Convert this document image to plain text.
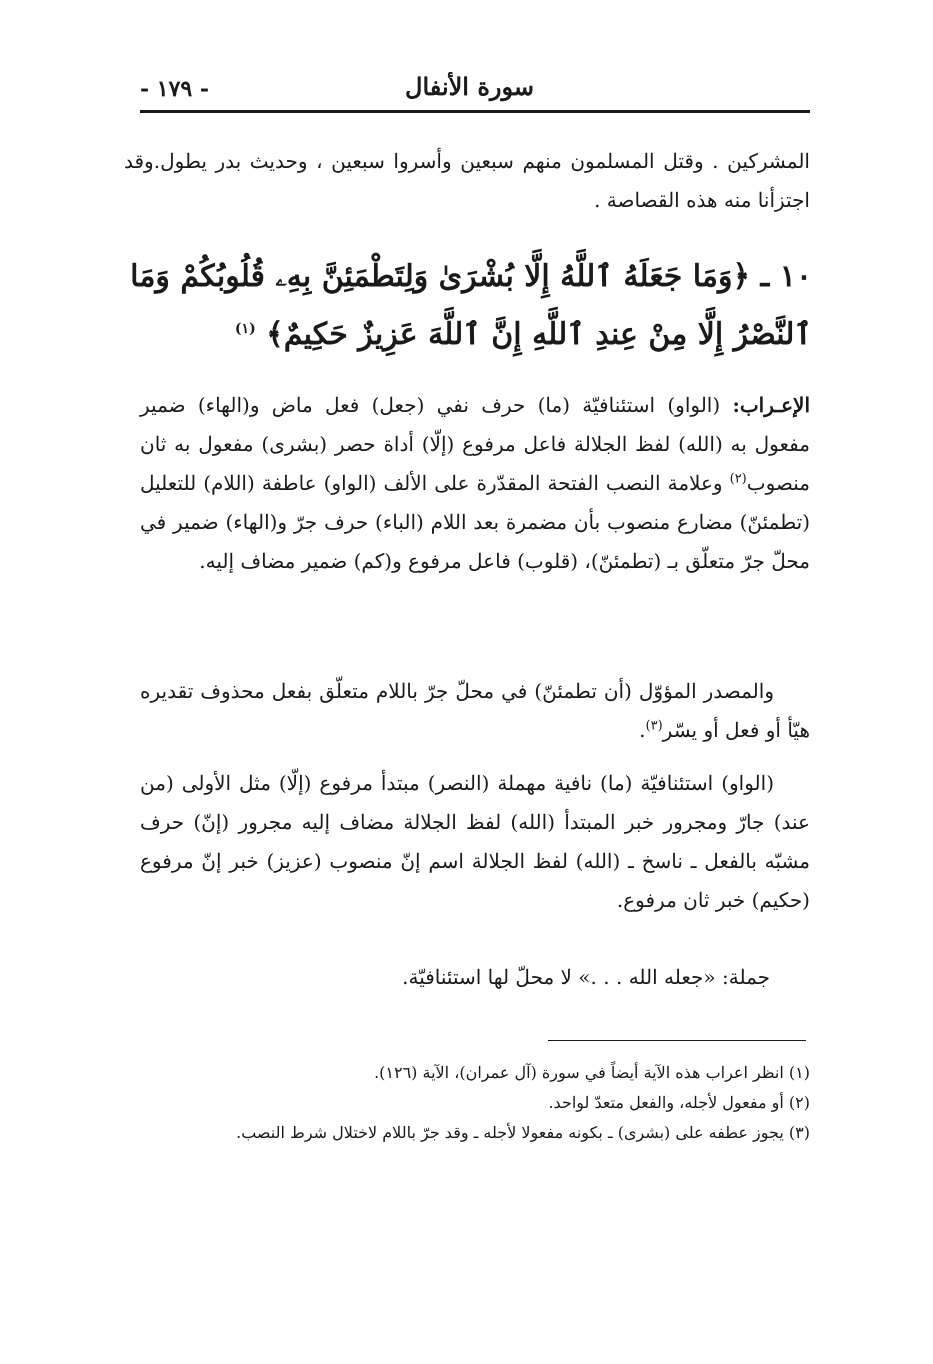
سورة الأنفال
- ١٧٩ -

المشركين . وقتل المسلمون منهم سبعين وأسروا سبعين ، وحديث بدر يطول.وقد اجتزأنا منه هذه القصاصة .

١٠ ـ ﴿وَمَا جَعَلَهُ ٱللَّهُ إِلَّا بُشْرَىٰ وَلِتَطْمَئِنَّ بِهِۦ قُلُوبُكُمْ وَمَا ٱلنَّصْرُ إِلَّا مِنْ عِندِ ٱللَّهِ إِنَّ ٱللَّهَ عَزِيزٌ حَكِيمٌ﴾ $^{(١)}$

الإعـراب: (الواو) استئنافيّة (ما) حرف نفي (جعل) فعل ماض و(الهاء) ضمير مفعول به (الله) لفظ الجلالة فاعل مرفوع (إلّا) أداة حصر (بشرى) مفعول به ثان منصوب$^{(٢)}$ وعلامة النصب الفتحة المقدّرة على الألف (الواو) عاطفة (اللام) للتعليل (تطمئنّ) مضارع منصوب بأن مضمرة بعد اللام (الباء) حرف جرّ و(الهاء) ضمير في محلّ جرّ متعلّق بـ (تطمئنّ)، (قلوب) فاعل مرفوع و(كم) ضمير مضاف إليه.

والمصدر المؤوّل (أن تطمئنّ) في محلّ جرّ باللام متعلّق بفعل محذوف تقديره هيّأ أو فعل أو يسّر$^{(٣)}$.

(الواو) استئنافيّة (ما) نافية مهملة (النصر) مبتدأ مرفوع (إلّا) مثل الأولى (من عند) جارّ ومجرور خبر المبتدأ (الله) لفظ الجلالة مضاف إليه مجرور (إنّ) حرف مشبّه بالفعل ـ ناسخ ـ (الله) لفظ الجلالة اسم إنّ منصوب (عزيز) خبر إنّ مرفوع (حكيم) خبر ثان مرفوع.

جملة: «جعله الله . . .» لا محلّ لها استئنافيّة.

(١) انظر اعراب هذه الآية أيضاً في سورة (آل عمران)، الآية (١٢٦).
(٢) أو مفعول لأجله، والفعل متعدّ لواحد.
(٣) يجوز عطفه على (بشرى) ـ بكونه مفعولا لأجله ـ وقد جرّ باللام لاختلال شرط النصب.
